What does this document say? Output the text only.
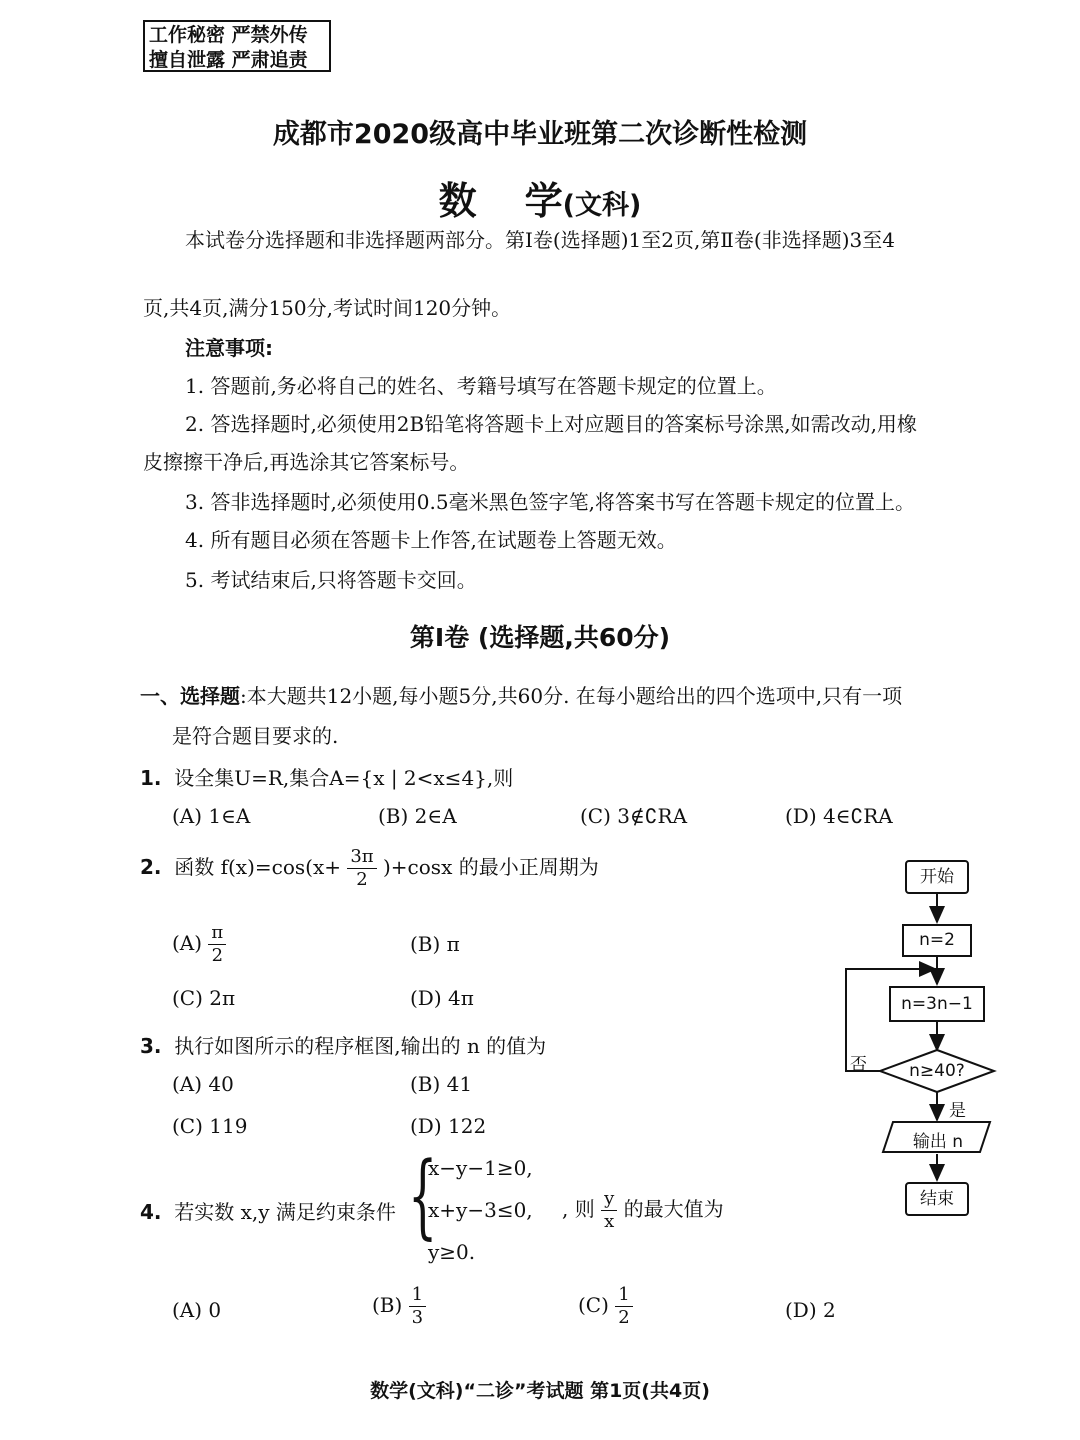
工作秘密 严禁外传
擅自泄露 严肃追责
成都市2020级高中毕业班第二次诊断性检测
数 学(文科)
本试卷分选择题和非选择题两部分。第Ⅰ卷(选择题)1至2页,第Ⅱ卷(非选择题)3至4
页,共4页,满分150分,考试时间120分钟。
注意事项:
1. 答题前,务必将自己的姓名、考籍号填写在答题卡规定的位置上。
2. 答选择题时,必须使用2B铅笔将答题卡上对应题目的答案标号涂黑,如需改动,用橡
皮擦擦干净后,再选涂其它答案标号。
3. 答非选择题时,必须使用0.5毫米黑色签字笔,将答案书写在答题卡规定的位置上。
4. 所有题目必须在答题卡上作答,在试题卷上答题无效。
5. 考试结束后,只将答题卡交回。
第Ⅰ卷 (选择题,共60分)
一、选择题:本大题共12小题,每小题5分,共60分. 在每小题给出的四个选项中,只有一项
是符合题目要求的.
1. 设全集U=R,集合A={x | 2<x≤4},则
(A) 1∈A	(B) 2∈A	(C) 3∉∁RA	(D) 4∈∁RA
2. 函数 $f(x)=\cos(x+ \frac{3\pi}{2} )+\cos x$ 的最小正周期为
$(A) \frac{\pi}{2}$	(B) π
(C) 2π	(D) 4π
3. 执行如图所示的程序框图,输出的 n 的值为
(A) 40	(B) 41
(C) 119	(D) 122
4. 若实数 x,y 满足约束条件 {
x−y−1≥0,
x+y−3≤0,
y≥0.
, 则 $\frac{y}{x}$ 的最大值为
(A) 0	$(B) \frac{1}{3}$	$(C) \frac{1}{2}$	(D) 2
开始
n=2
n=3n−1
n≥40?
否
是
输出 n
结束
数学(文科)“二诊”考试题 第1页(共4页)
